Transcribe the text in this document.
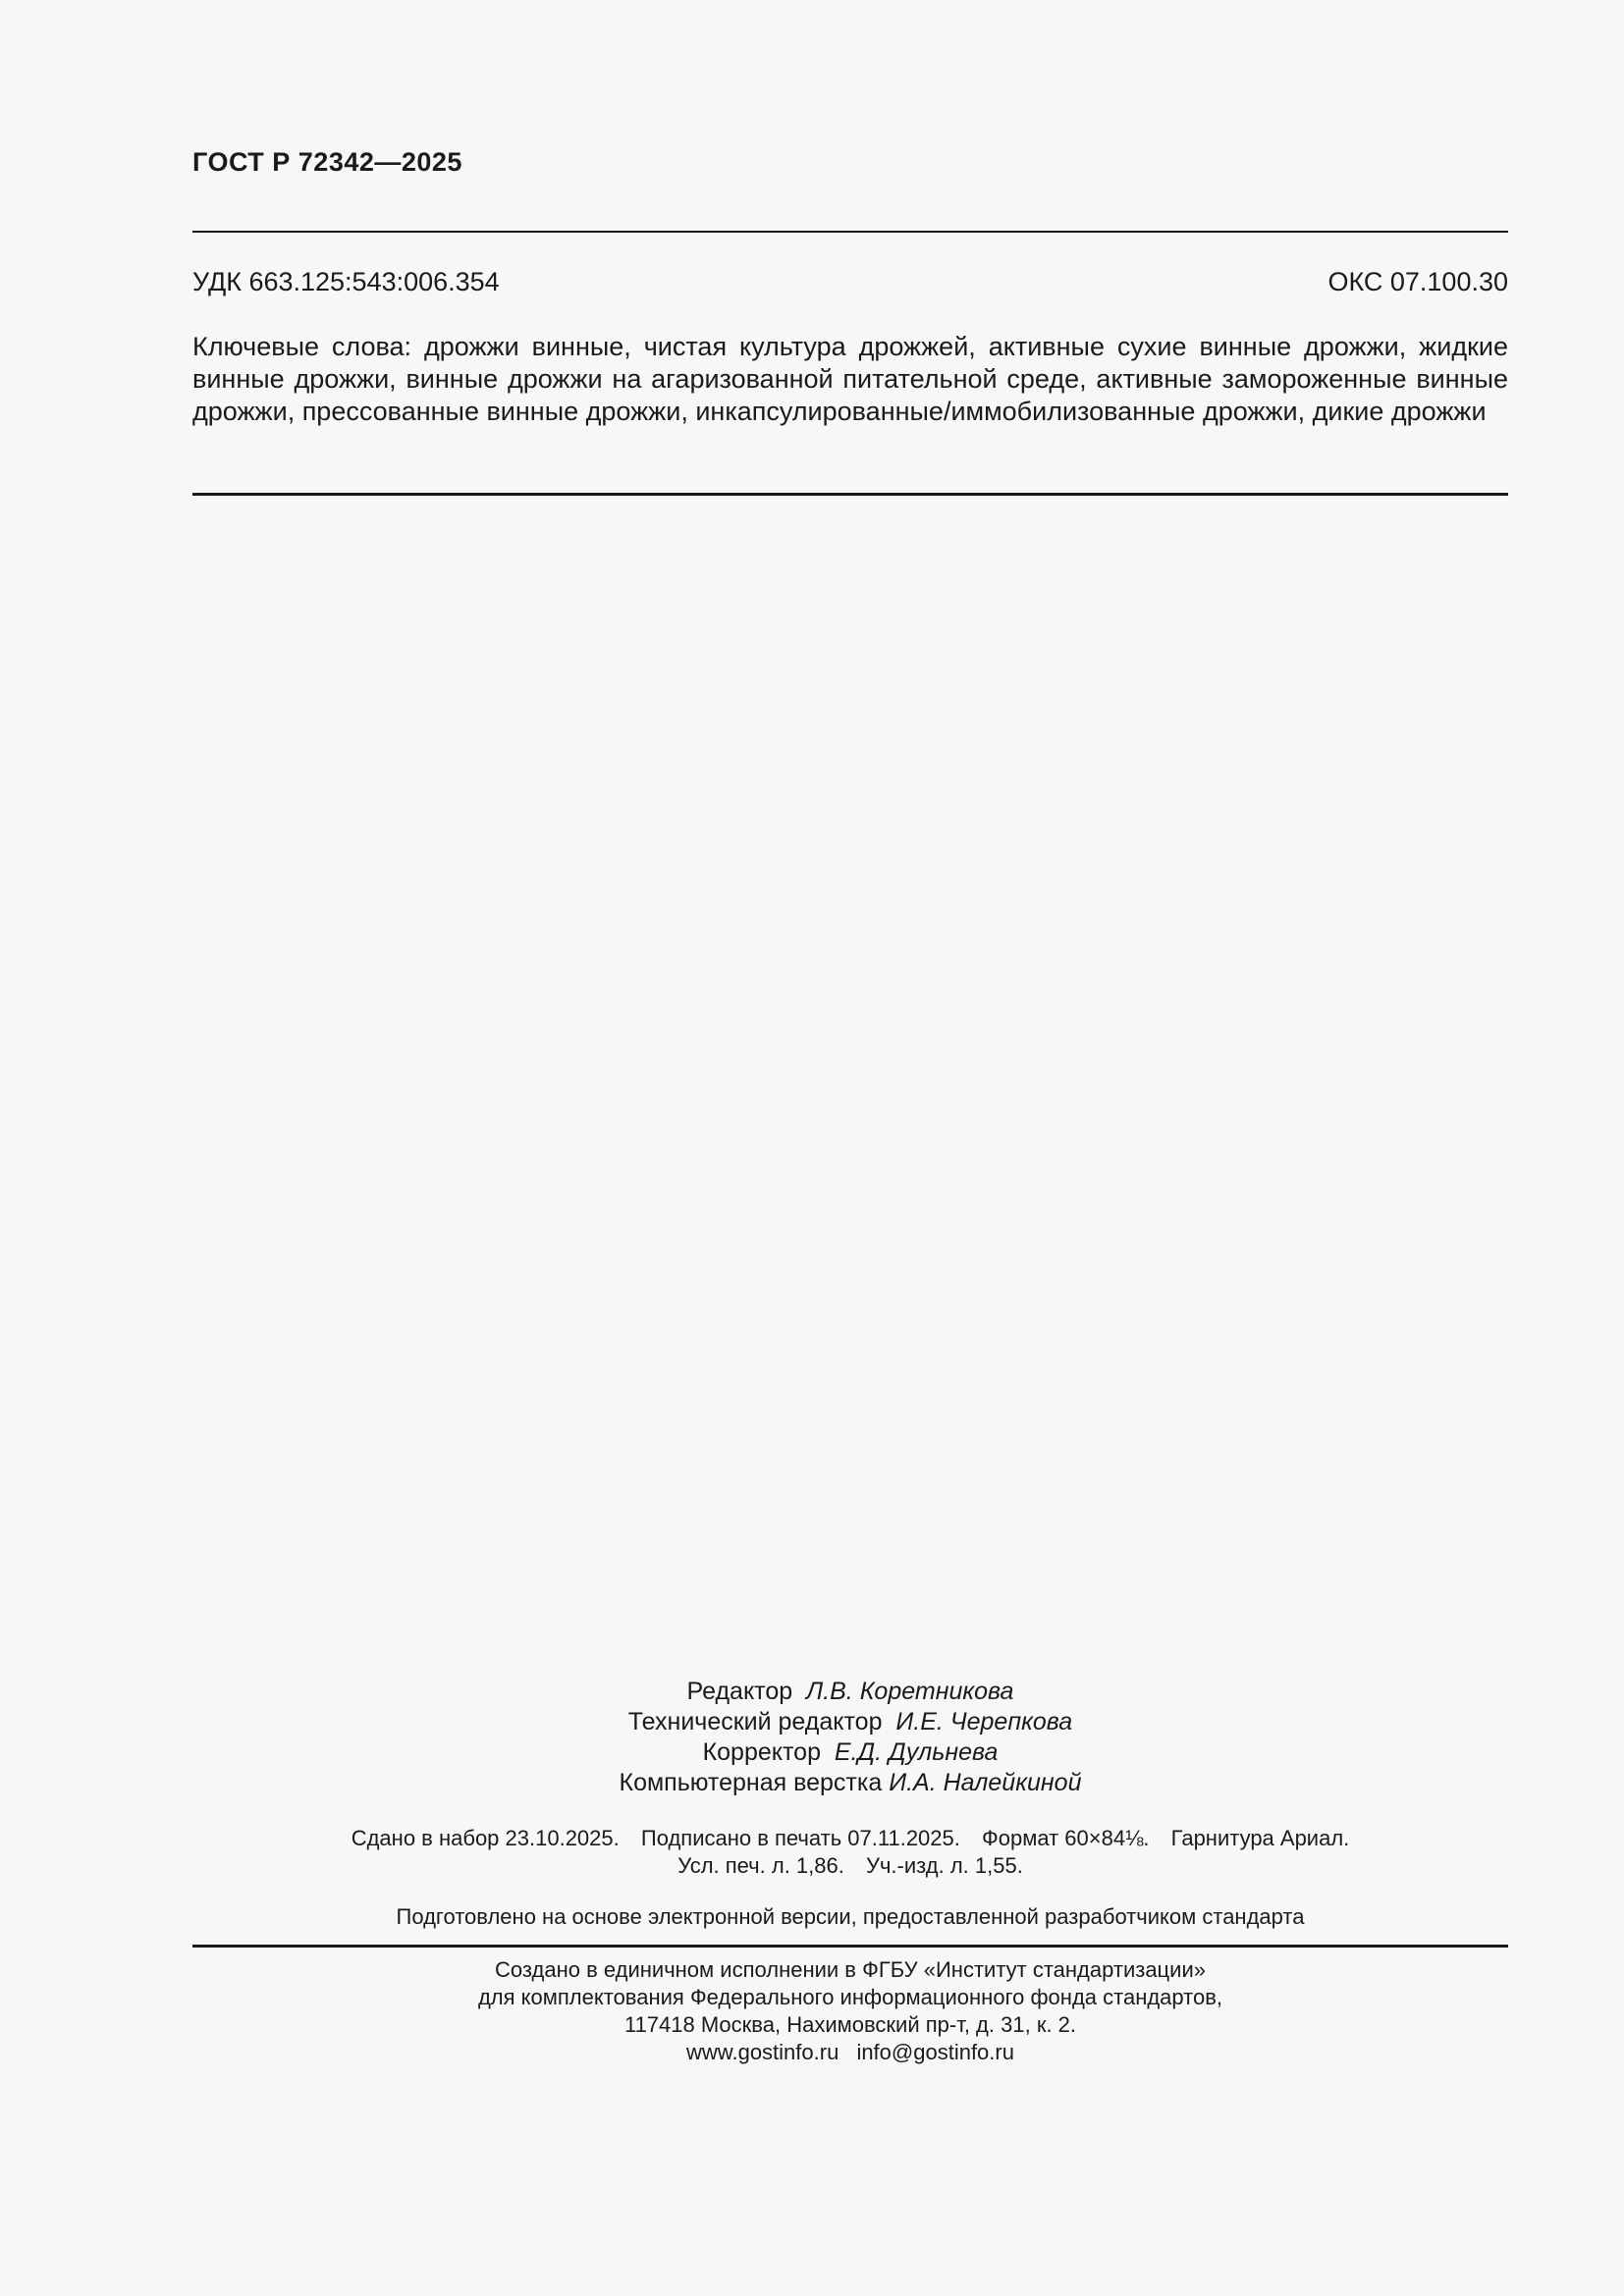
ГОСТ Р 72342—2025
УДК 663.125:543:006.354	ОКС 07.100.30

Ключевые слова: дрожжи винные, чистая культура дрожжей, активные сухие винные дрожжи, жидкие винные дрожжи, винные дрожжи на агаризованной питательной среде, активные замороженные винные дрожжи, прессованные винные дрожжи, инкапсулированные/иммобилизованные дрожжи, дикие дрожжи

Редактор Л.В. Коретникова
Технический редактор И.Е. Черепкова
Корректор Е.Д. Дульнева
Компьютерная верстка И.А. Налейкиной
Сдано в набор 23.10.2025. Подписано в печать 07.11.2025. Формат 60×84⅛. Гарнитура Ариал.
Усл. печ. л. 1,86. Уч.-изд. л. 1,55.
Подготовлено на основе электронной версии, предоставленной разработчиком стандарта
Создано в единичном исполнении в ФГБУ «Институт стандартизации»
для комплектования Федерального информационного фонда стандартов,
117418 Москва, Нахимовский пр-т, д. 31, к. 2.
www.gostinfo.ru info@gostinfo.ru
